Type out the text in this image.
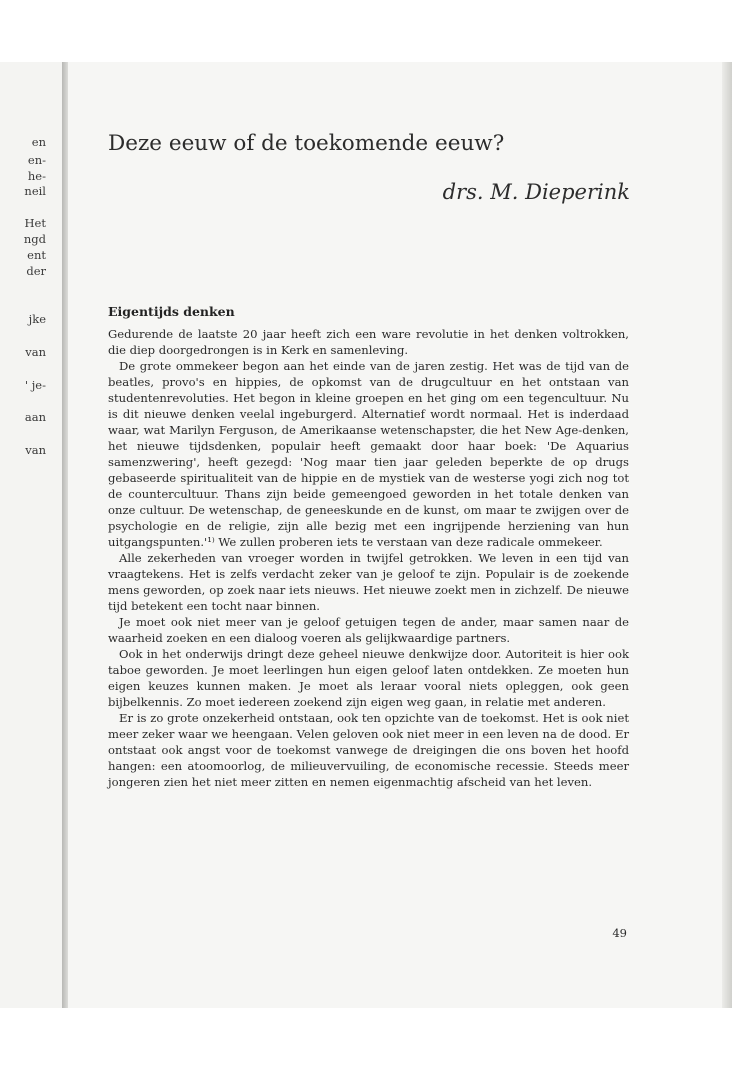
en
en-
he-
neil
Het
ngd
ent
der
jke
van
' je-
aan
van
Deze eeuw of de toekomende eeuw?
drs. M. Dieperink
Eigentijds denken

Gedurende de laatste 20 jaar heeft zich een ware revolutie in het denken voltrokken, die diep doorgedrongen is in Kerk en samenleving.

De grote ommekeer begon aan het einde van de jaren zestig. Het was de tijd van de beatles, provo's en hippies, de opkomst van de drugcultuur en het ontstaan van studentenrevoluties. Het begon in kleine groepen en het ging om een tegencultuur. Nu is dit nieuwe denken veelal ingeburgerd. Alternatief wordt normaal. Het is inderdaad waar, wat Marilyn Ferguson, de Amerikaanse wetenschapster, die het New Age-denken, het nieuwe tijdsdenken, populair heeft gemaakt door haar boek: 'De Aquarius samenzwering', heeft gezegd: 'Nog maar tien jaar geleden beperkte de op drugs gebaseerde spiritualiteit van de hippie en de mystiek van de westerse yogi zich nog tot de countercultuur. Thans zijn beide gemeengoed geworden in het totale denken van onze cultuur. De wetenschap, de geneeskunde en de kunst, om maar te zwijgen over de psychologie en de religie, zijn alle bezig met een ingrijpende herziening van hun uitgangspunten.'¹⁾ We zullen proberen iets te verstaan van deze radicale ommekeer.

Alle zekerheden van vroeger worden in twijfel getrokken. We leven in een tijd van vraagtekens. Het is zelfs verdacht zeker van je geloof te zijn. Populair is de zoekende mens geworden, op zoek naar iets nieuws. Het nieuwe zoekt men in zichzelf. De nieuwe tijd betekent een tocht naar binnen.

Je moet ook niet meer van je geloof getuigen tegen de ander, maar samen naar de waarheid zoeken en een dialoog voeren als gelijkwaardige partners.

Ook in het onderwijs dringt deze geheel nieuwe denkwijze door. Autoriteit is hier ook taboe geworden. Je moet leerlingen hun eigen geloof laten ontdekken. Ze moeten hun eigen keuzes kunnen maken. Je moet als leraar vooral niets opleggen, ook geen bijbelkennis. Zo moet iedereen zoekend zijn eigen weg gaan, in relatie met anderen.

Er is zo grote onzekerheid ontstaan, ook ten opzichte van de toekomst. Het is ook niet meer zeker waar we heengaan. Velen geloven ook niet meer in een leven na de dood. Er ontstaat ook angst voor de toekomst vanwege de dreigingen die ons boven het hoofd hangen: een atoomoorlog, de milieuvervuiling, de economische recessie. Steeds meer jongeren zien het niet meer zitten en nemen eigenmachtig afscheid van het leven.

49
